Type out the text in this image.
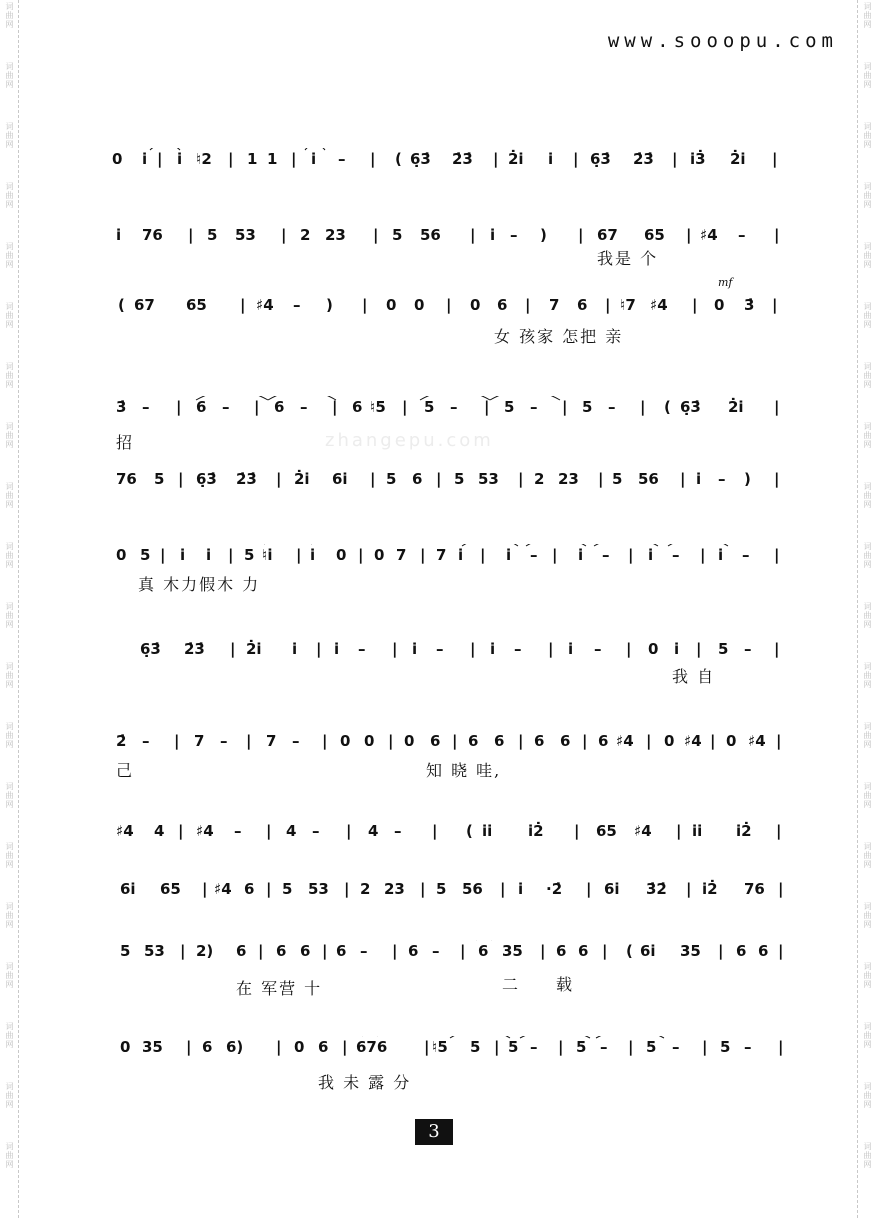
词曲网
词曲网
词曲网
词曲网
词曲网
词曲网
词曲网
词曲网
词曲网
词曲网
词曲网
词曲网
词曲网
词曲网
词曲网
词曲网
词曲网
词曲网
词曲网
词曲网
词曲网
词曲网
词曲网
词曲网
词曲网
词曲网
词曲网
词曲网
词曲网
词曲网
词曲网
词曲网
词曲网
词曲网
词曲网
词曲网
词曲网
词曲网
词曲网
词曲网
www.sooopu.com
zhangepu.com
0 i | i ♮2 | 1 1 | i – | ( 6̣3̇ 2̇3̇ | 2̇i i | 6̣3̇ 2̇3̇ | i3̇ 2̇i |
i 76 | 5 53 | 2 23 | 5 56 | i – ) | 67 65 | ♯4 – |
我是 个
mf
( 67 65 | ♯4 – ) | 0 0 | 0 6 | 7 6 | ♮7 ♯4 | 0 3̇ |
女 孩家 怎把 亲
3̇ – | 6 – | 6 – | 6 ♮5 | 5 – | 5 – | 5 – | ( 6̣3̇ 2̇i |
招
76 5 | 6̣3̇ 2̇3̇ | 2̇i 6i | 5 6 | 5 53 | 2 23 | 5 56 | i – ) |
0 5 | i i | 5 ♮i | i 0 | 0 7 | 7 i | i – | i – | i – | i – |
真 木力假木 力
6̣3̇ 2̇3̇ | 2̇i i | i – | i – | i – | i – | 0 i | 5 – |
我 自
2̇ – | 7 – | 7 – | 0 0 | 0 6 | 6 6 | 6 6 | 6 ♯4 | 0 ♯4 | 0 ♯4 |
己	知 晓 哇,
♯4 4 | ♯4 – | 4 – | 4 – | ( ii i2̇ | 65 ♯4 | ii i2̇ |
6i 65 | ♯4 6 | 5 53 | 2 23 | 5 56 | i ·2̇ | 6i 3̇2̇ | i2̇ 76 |
5 53 | 2) 6 | 6 6 | 6 – | 6 – | 6 35 | 6 6 | ( 6i 35 | 6 6 |
在 军营 十	二 载
0 35 | 6 6) | 0 6 | 676 | ♮5 5 | 5 – | 5 – | 5 – | 5 – |
我 未 露 分
3
